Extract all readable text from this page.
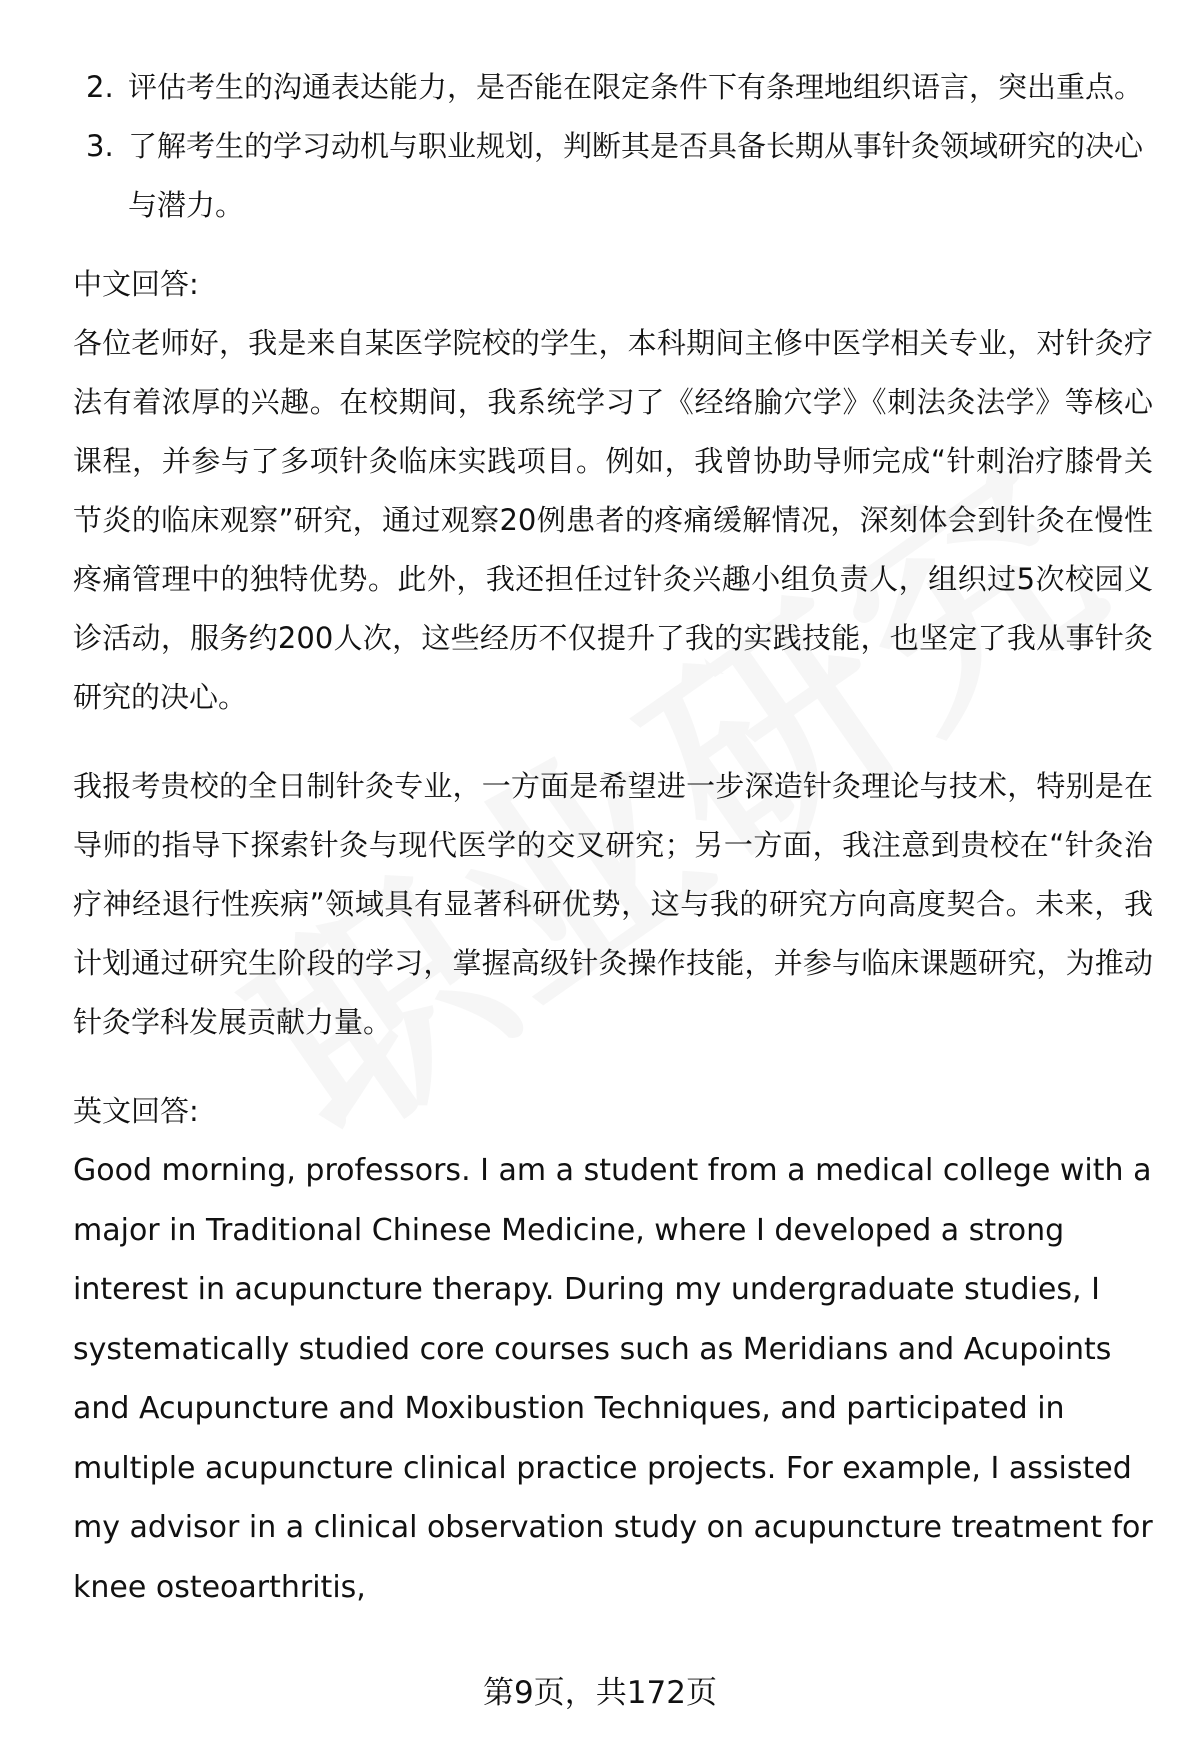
2. 评估考生的沟通表达能力，是否能在限定条件下有条理地组织语言，突出重点。
3. 了解考生的学习动机与职业规划，判断其是否具备长期从事针灸领域研究的决心与潜力。

中文回答:

各位老师好，我是来自某医学院校的学生，本科期间主修中医学相关专业，对针灸疗法有着浓厚的兴趣。在校期间，我系统学习了《经络腧穴学》《刺法灸法学》等核心课程，并参与了多项针灸临床实践项目。例如，我曾协助导师完成“针刺治疗膝骨关节炎的临床观察”研究，通过观察20例患者的疼痛缓解情况，深刻体会到针灸在慢性疼痛管理中的独特优势。此外，我还担任过针灸兴趣小组负责人，组织过5次校园义诊活动，服务约200人次，这些经历不仅提升了我的实践技能，也坚定了我从事针灸研究的决心。

我报考贵校的全日制针灸专业，一方面是希望进一步深造针灸理论与技术，特别是在导师的指导下探索针灸与现代医学的交叉研究；另一方面，我注意到贵校在“针灸治疗神经退行性疾病”领域具有显著科研优势，这与我的研究方向高度契合。未来，我计划通过研究生阶段的学习，掌握高级针灸操作技能，并参与临床课题研究，为推动针灸学科发展贡献力量。

英文回答:

Good morning, professors. I am a student from a medical college with a major in Traditional Chinese Medicine, where I developed a strong interest in acupuncture therapy. During my undergraduate studies, I systematically studied core courses such as Meridians and Acupoints and Acupuncture and Moxibustion Techniques, and participated in multiple acupuncture clinical practice projects. For example, I assisted my advisor in a clinical observation study on acupuncture treatment for knee osteoarthritis,

第9页，共172页
